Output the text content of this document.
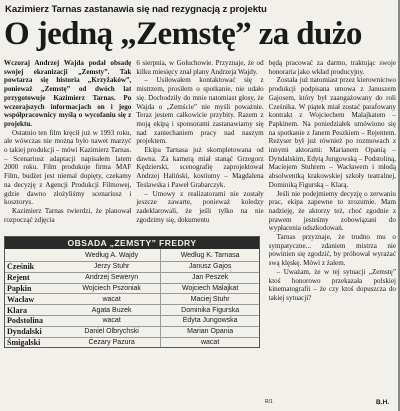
Kazimierz Tarnas zastanawia się nad rezygnacją z projektu
O jedną „Zemstę” za dużo

Wczoraj Andrzej Wajda podał obsadę swojej ekranizacji „Zemsty”. Tak powtarza się historia „Krzyżaków”, ponieważ „Zemstę” od dwóch lat przygotowuje Kazimierz Tarnas. Po wczorajszych informacjach on i jego współpracownicy myślą o wycofaniu się z projektu.

Ostatnio ten film kręcił już w 1993 roku, ale wówczas nie można było nawet marzyć o takiej produkcji – mówi Kazimierz Tarnas. – Scenariusz adaptacji napisałem latem 2000 roku. Film produkuje firma MAF Film, budżet jest niemal dopięty, czekamy na decyzję z Agencji Produkcji Filmowej, gdzie dawno złożyliśmy scenariusz i kosztorys.

Kazimierz Tarnas twierdzi, że planował rozpocząć zdjęcia

6 sierpnia, w Gołuchowie. Przyznaje, że od kilku miesięcy znał plany Andrzeja Wajdy.

– Usiłowałem kontaktować się z mistrzem, prosiłem o spotkanie, nie udało się. Dochodziły do mnie natomiast głosy, że Wajda o „Zemście” nie myśli poważnie. Teraz jestem całkowicie przybity. Razem z moją ekipą i sponsorami zastanawiamy się nad zaniechaniem pracy nad naszym projektem.

Ekipa Tarnasa już skompletowana od dawna. Za kamerą miał stanąć Grzegorz Kędzierski, scenografię zaprojektował Andrzej Haliński, kostiumy – Magdalena Teslawska i Paweł Grabarczyk.

– Umowy z realizatorami nie zostały jeszcze zawarte, ponieważ koledzy zadeklarowali, że jeśli tylko na nie zgodzimy się, dokumentu

będą pracować za darmo, traktując swoje honoraria jako wkład producyjny.

Została już natomiast przez kierownictwo produkcji podpisana umowa z Januszem Gajosem, który był zaangażowany do roli Cześnika. W piątek miał zostać parafowany kontrakt z Wojciechem Malajkatem – Papkinem. Na poniedziałek umówiono się na spotkanie z Janem Peszkiem – Rejentem. Reżyser był już również po rozmowach z innymi aktorami: Marianem Opanią – Dyndalskim, Edytą Jungowską – Podstoliną, Maciejem Stuhrem – Wacławem i młodą absolwentką krakowskiej szkoły teatralnej, Dominiką Figurską – Klarą.

Jeśli nie podejmiemy decyzję o zerwaniu prac, ekipa zapewne to zrozumie. Mam nadzieję, że aktorzy też, choć zgodnie z prawem jesteśmy zobowiązani do wypłacenia odszkodowań.

Tarnas przyznaje, że trudno mu o sympatyczne... zdaniem mistrza nie powinien się zgodzić, by próbował wyrażać swą klęskę. Mówi z żalem.

– Uważam, że w tej sytuacji „Zemstę” ktoś honorowo przekazała polskiej kinematografii – że czy ktoś dopuszcza do takiej sytuacji?

OBSADA „ZEMSTY” FREDRY
	Według A. Wajdy	Według K. Tarnasa
Cześnik	Jerzy Stuhr	Janusz Gajos
Rejent	Andrzej Seweryn	Jan Peszek
Papkin	Wojciech Pszoniak	Wojciech Malajkat
Wacław	wacat	Maciej Stuhr
Klara	Agata Buzek	Dominika Figurska
Podstolina	wacat	Edyta Jungowska
Dyndalski	Daniel Olbrychski	Marian Opania
Śmigalski	Cezary Pazura	wacat
R/1	B.H.
